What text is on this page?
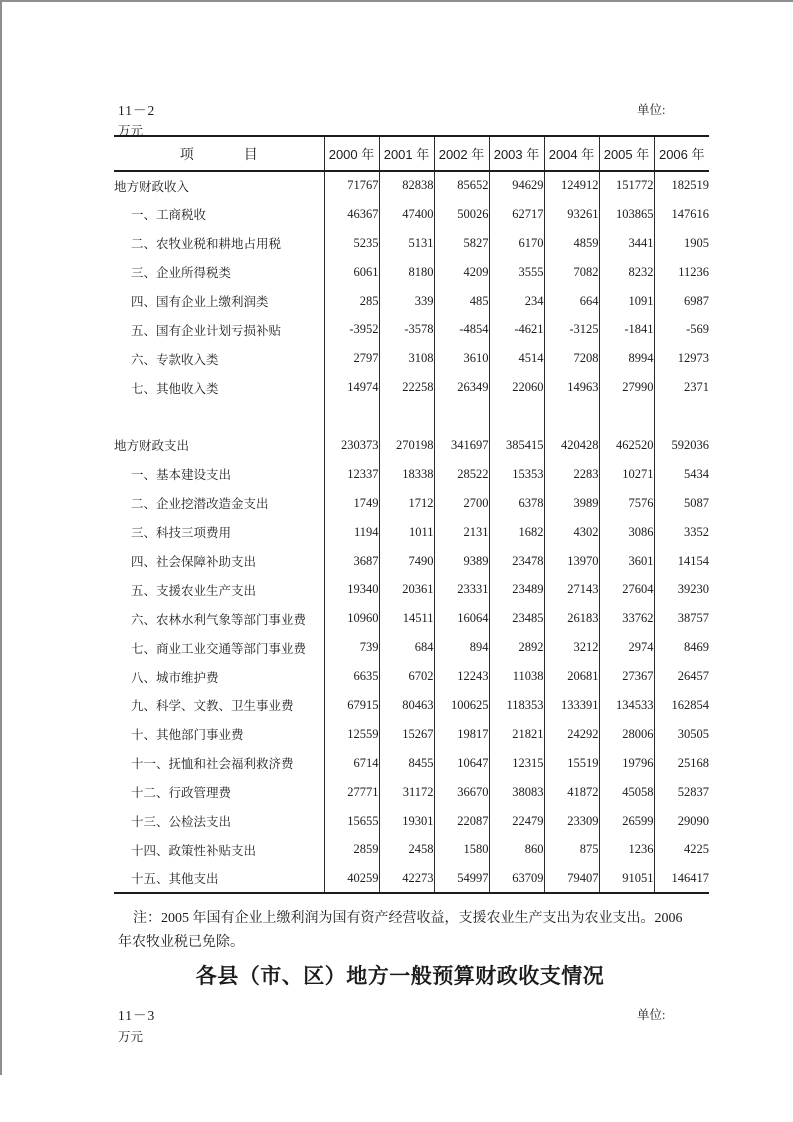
11－2	单位:
万元
项 目	2000 年	2001 年	2002 年	2003 年	2004 年	2005 年	2006 年
地方财政收入	71767	82838	85652	94629	124912	151772	182519
一、工商税收	46367	47400	50026	62717	93261	103865	147616
二、农牧业税和耕地占用税	5235	5131	5827	6170	4859	3441	1905
三、企业所得税类	6061	8180	4209	3555	7082	8232	11236
四、国有企业上缴利润类	285	339	485	234	664	1091	6987
五、国有企业计划亏损补贴	-3952	-3578	-4854	-4621	-3125	-1841	-569
六、专款收入类	2797	3108	3610	4514	7208	8994	12973
七、其他收入类	14974	22258	26349	22060	14963	27990	2371

地方财政支出	230373	270198	341697	385415	420428	462520	592036
一、基本建设支出	12337	18338	28522	15353	2283	10271	5434
二、企业挖潜改造金支出	1749	1712	2700	6378	3989	7576	5087
三、科技三项费用	1194	1011	2131	1682	4302	3086	3352
四、社会保障补助支出	3687	7490	9389	23478	13970	3601	14154
五、支援农业生产支出	19340	20361	23331	23489	27143	27604	39230
六、农林水利气象等部门事业费	10960	14511	16064	23485	26183	33762	38757
七、商业工业交通等部门事业费	739	684	894	2892	3212	2974	8469
八、城市维护费	6635	6702	12243	11038	20681	27367	26457
九、科学、文教、卫生事业费	67915	80463	100625	118353	133391	134533	162854
十、其他部门事业费	12559	15267	19817	21821	24292	28006	30505
十一、抚恤和社会福利救济费	6714	8455	10647	12315	15519	19796	25168
十二、行政管理费	27771	31172	36670	38083	41872	45058	52837
十三、公检法支出	15655	19301	22087	22479	23309	26599	29090
十四、政策性补贴支出	2859	2458	1580	860	875	1236	4225
十五、其他支出	40259	42273	54997	63709	79407	91051	146417
注：2005 年国有企业上缴利润为国有资产经营收益，支援农业生产支出为农业支出。2006
年农牧业税已免除。
各县（市、区）地方一般预算财政收支情况
11－3	单位:
万元
